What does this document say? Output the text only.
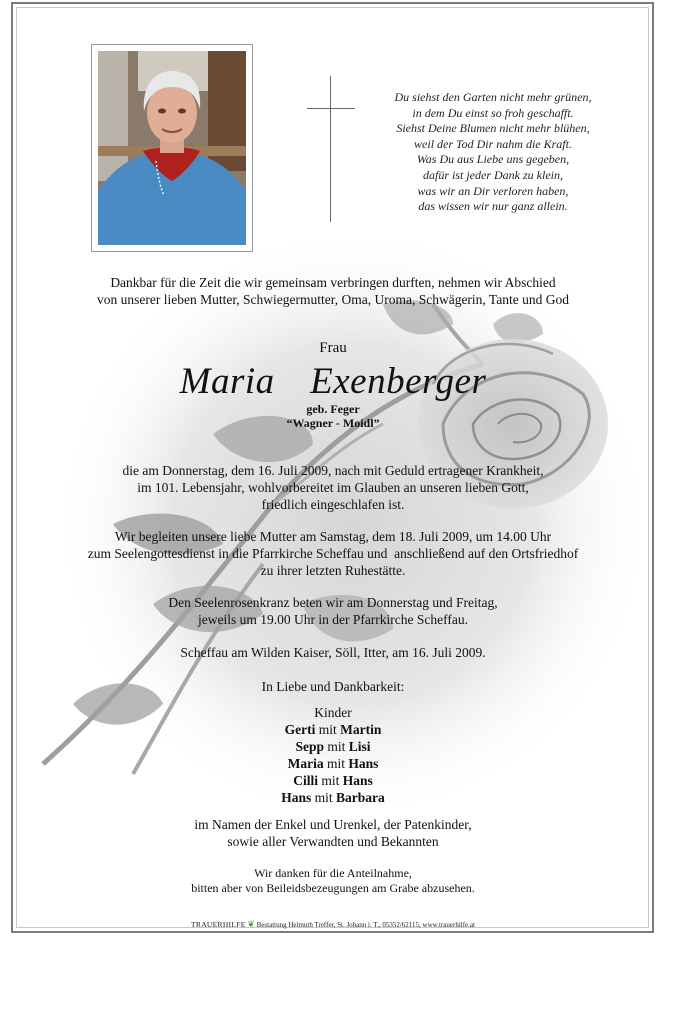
Du siehst den Garten nicht mehr grünen,
in dem Du einst so froh geschafft.
Siehst Deine Blumen nicht mehr blühen,
weil der Tod Dir nahm die Kraft.
Was Du aus Liebe uns gegeben,
dafür ist jeder Dank zu klein,
was wir an Dir verloren haben,
das wissen wir nur ganz allein.
Dankbar für die Zeit die wir gemeinsam verbringen durften, nehmen wir Abschied
von unserer lieben Mutter, Schwiegermutter, Oma, Uroma, Schwägerin, Tante und God
Frau
Maria  Exenberger
geb. Feger
“Wagner - Moidl”
die am Donnerstag, dem 16. Juli 2009, nach mit Geduld ertragener Krankheit,
im 101. Lebensjahr, wohlvorbereitet im Glauben an unseren lieben Gott,
friedlich eingeschlafen ist.
Wir begleiten unsere liebe Mutter am Samstag, dem 18. Juli 2009, um 14.00 Uhr
zum Seelengottesdienst in die Pfarrkirche Scheffau und  anschließend auf den Ortsfriedhof
zu ihrer letzten Ruhestätte.
Den Seelenrosenkranz beten wir am Donnerstag und Freitag,
jeweils um 19.00 Uhr in der Pfarrkirche Scheffau.
Scheffau am Wilden Kaiser, Söll, Itter, am 16. Juli 2009.
In Liebe und Dankbarkeit:
Kinder
Gerti mit Martin
Sepp mit Lisi
Maria mit Hans
Cilli mit Hans
Hans mit Barbara
im Namen der Enkel und Urenkel, der Patenkinder,
sowie aller Verwandten und Bekannten
Wir danken für die Anteilnahme,
bitten aber von Beileidsbezeugungen am Grabe abzusehen.
TRAUERHILFE ❦ Bestattung Helmuth Treffer, St. Johann i. T., 05352/62115, www.trauerhilfe.at
